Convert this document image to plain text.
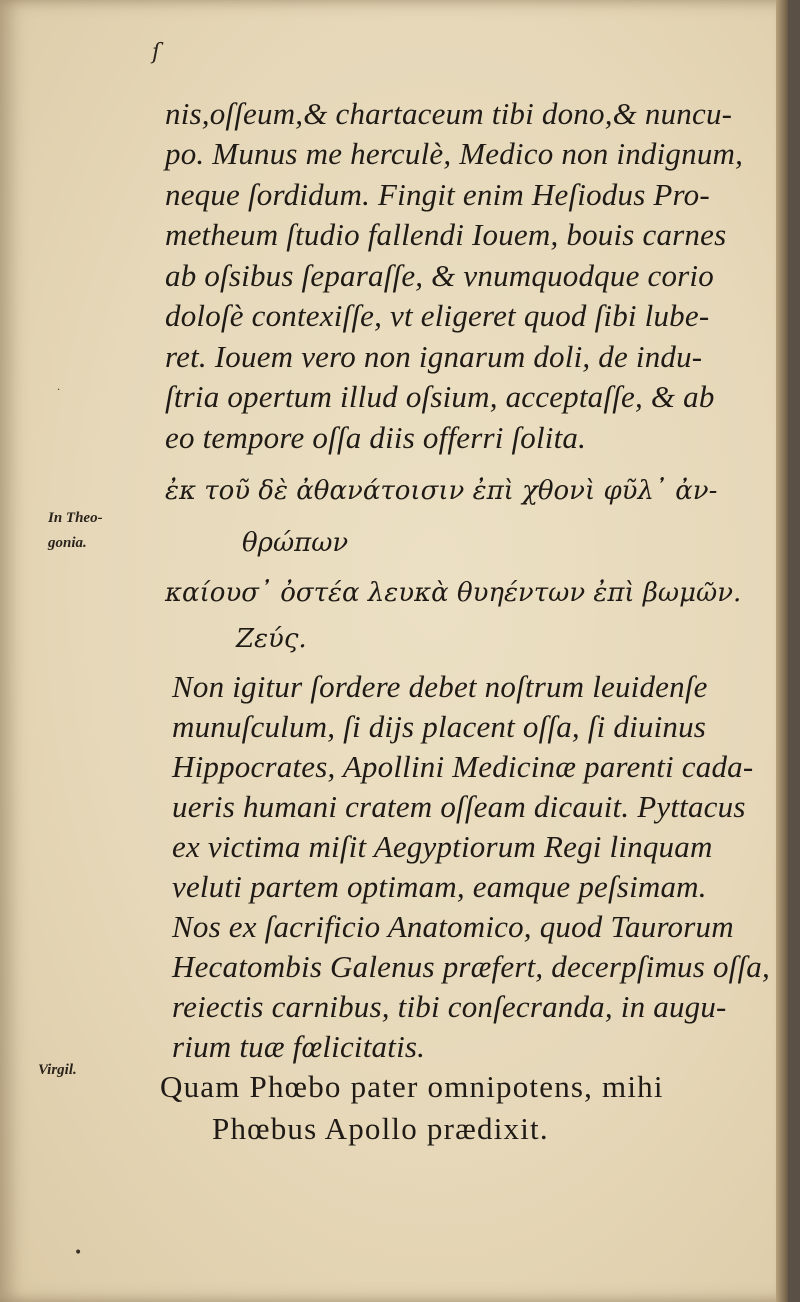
ſ
nis,oſſeum,& chartaceum tibi dono,& nuncu-
po. Munus me herculè, Medico non indignum,
neque ſordidum. Fingit enim Heſiodus Pro-
metheum ſtudio fallendi Iouem, bouis carnes
ab oſsibus ſeparaſſe, & vnumquodque corio
doloſè contexiſſe, vt eligeret quod ſibi lube-
ret. Iouem vero non ignarum doli, de indu-
ſtria opertum illud oſsium, acceptaſſe, & ab
eo tempore oſſa diis offerri ſolita.
ἐκ τοῦ δὲ ἀθανάτοισιν ἐπὶ χθονὶ φῦλ᾽ ἀν-
θρώπων
καίουσ᾽ ὀστέα λευκὰ θυηέντων ἐπὶ βωμῶν.
Ζεύς.
Non igitur ſordere debet noſtrum leuidenſe
munuſculum, ſi dijs placent oſſa, ſi diuinus
Hippocrates, Apollini Medicinæ parenti cada-
ueris humani cratem oſſeam dicauit. Pyttacus
ex victima miſit Aegyptiorum Regi linquam
veluti partem optimam, eamque peſsimam.
Nos ex ſacrificio Anatomico, quod Taurorum
Hecatombis Galenus præfert, decerpſimus oſſa,
reiectis carnibus, tibi conſecranda, in augu-
rium tuæ fœlicitatis.
Quam Phœbo pater omnipotens, mihi
Phœbus Apollo prædixit.
In Theo-
gonia.
Virgil.
•
·
